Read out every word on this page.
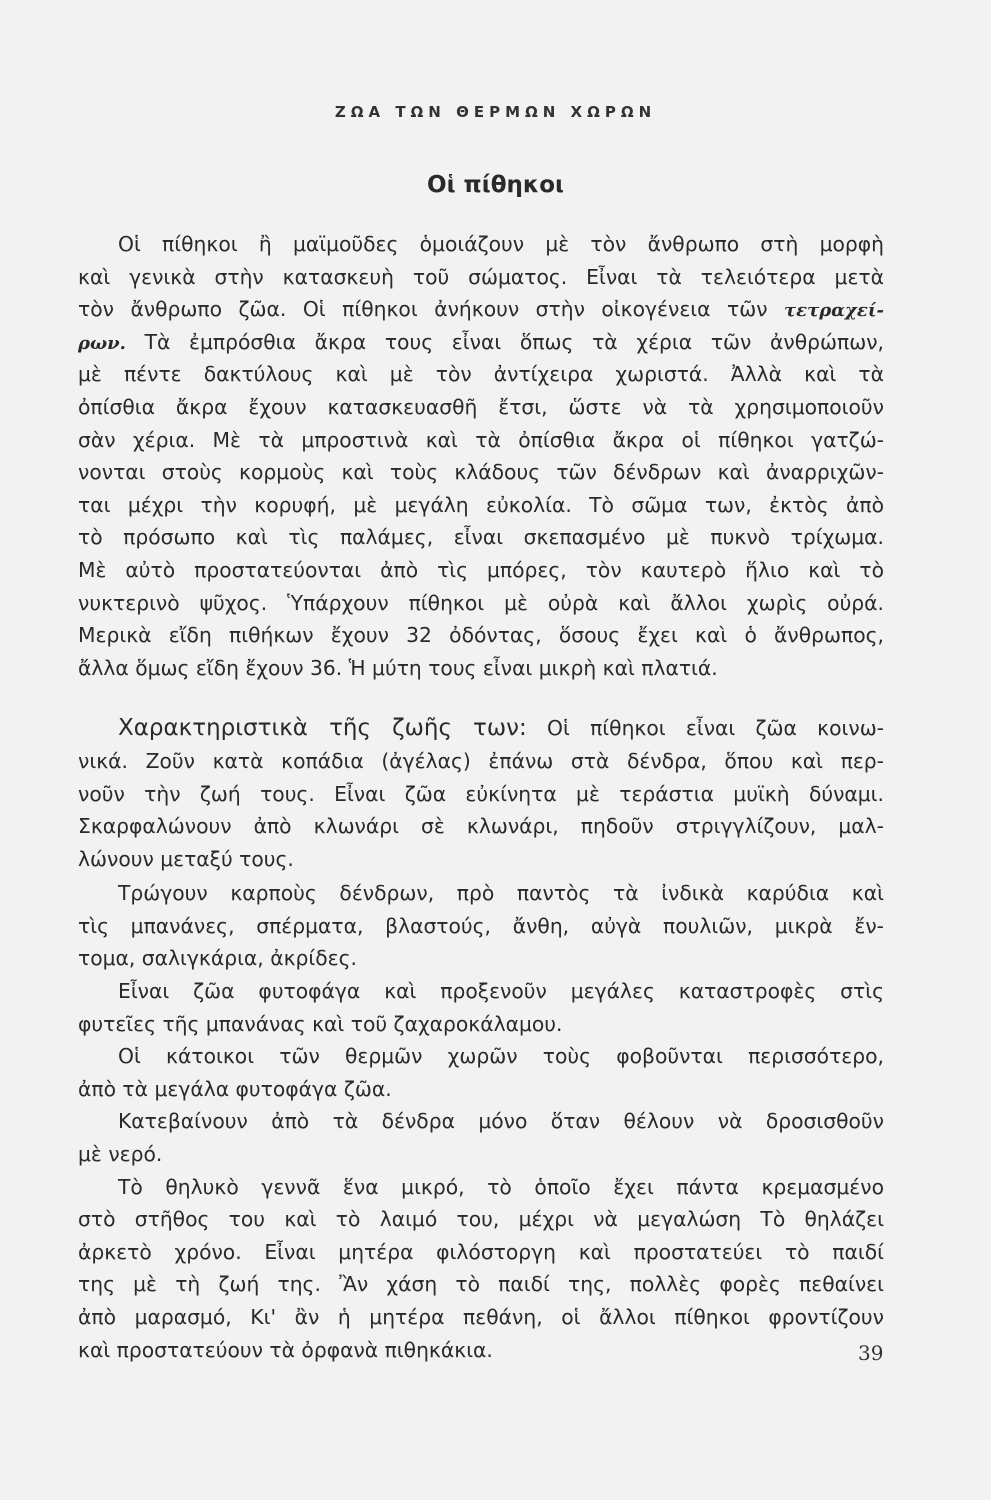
ΖΩΑ ΤΩΝ ΘΕΡΜΩΝ ΧΩΡΩΝ
Οἱ πίθηκοι
Οἱ πίθηκοι ἢ μαϊμοῦδες ὁμοιάζουν μὲ τὸν ἄνθρωπο στὴ μορφὴ
καὶ γενικὰ στὴν κατασκευὴ τοῦ σώματος. Εἶναι τὰ τελειότερα μετὰ
τὸν ἄνθρωπο ζῶα. Οἱ πίθηκοι ἀνήκουν στὴν οἰκογένεια τῶν τετραχεί-
ρων. Τὰ ἐμπρόσθια ἄκρα τους εἶναι ὅπως τὰ χέρια τῶν ἀνθρώπων,
μὲ πέντε δακτύλους καὶ μὲ τὸν ἀντίχειρα χωριστά. Ἀλλὰ καὶ τὰ
ὀπίσθια ἄκρα ἔχουν κατασκευασθῆ ἔτσι, ὥστε νὰ τὰ χρησιμοποιοῦν
σὰν χέρια. Μὲ τὰ μπροστινὰ καὶ τὰ ὀπίσθια ἄκρα οἱ πίθηκοι γατζώ-
νονται στοὺς κορμοὺς καὶ τοὺς κλάδους τῶν δένδρων καὶ ἀναρριχῶν-
ται μέχρι τὴν κορυφή, μὲ μεγάλη εὐκολία. Τὸ σῶμα των, ἐκτὸς ἀπὸ
τὸ πρόσωπο καὶ τὶς παλάμες, εἶναι σκεπασμένο μὲ πυκνὸ τρίχωμα.
Μὲ αὐτὸ προστατεύονται ἀπὸ τὶς μπόρες, τὸν καυτερὸ ἥλιο καὶ τὸ
νυκτερινὸ ψῦχος. Ὑπάρχουν πίθηκοι μὲ οὐρὰ καὶ ἄλλοι χωρὶς οὐρά.
Μερικὰ εἴδη πιθήκων ἔχουν 32 ὀδόντας, ὅσους ἔχει καὶ ὁ ἄνθρωπος,
ἄλλα ὅμως εἴδη ἔχουν 36. Ἡ μύτη τους εἶναι μικρὴ καὶ πλατιά.
Χαρακτηριστικὰ τῆς ζωῆς των: Οἱ πίθηκοι εἶναι ζῶα κοινω-
νικά. Ζοῦν κατὰ κοπάδια (ἀγέλας) ἐπάνω στὰ δένδρα, ὅπου καὶ περ-
νοῦν τὴν ζωή τους. Εἶναι ζῶα εὐκίνητα μὲ τεράστια μυϊκὴ δύναμι.
Σκαρφαλώνουν ἀπὸ κλωνάρι σὲ κλωνάρι, πηδοῦν στριγγλίζουν, μαλ-
λώνουν μεταξύ τους.
Τρώγουν καρποὺς δένδρων, πρὸ παντὸς τὰ ἰνδικὰ καρύδια καὶ
τὶς μπανάνες, σπέρματα, βλαστούς, ἄνθη, αὐγὰ πουλιῶν, μικρὰ ἔν-
τομα, σαλιγκάρια, ἀκρίδες.
Εἶναι ζῶα φυτοφάγα καὶ προξενοῦν μεγάλες καταστροφὲς στὶς
φυτεῖες τῆς μπανάνας καὶ τοῦ ζαχαροκάλαμου.
Οἱ κάτοικοι τῶν θερμῶν χωρῶν τοὺς φοβοῦνται περισσότερο,
ἀπὸ τὰ μεγάλα φυτοφάγα ζῶα.
Κατεβαίνουν ἀπὸ τὰ δένδρα μόνο ὅταν θέλουν νὰ δροσισθοῦν
μὲ νερό.
Τὸ θηλυκὸ γεννᾶ ἕνα μικρό, τὸ ὁποῖο ἔχει πάντα κρεμασμένο
στὸ στῆθος του καὶ τὸ λαιμό του, μέχρι νὰ μεγαλώση Τὸ θηλάζει
ἀρκετὸ χρόνο. Εἶναι μητέρα φιλόστοργη καὶ προστατεύει τὸ παιδί
της μὲ τὴ ζωή της. Ἂν χάση τὸ παιδί της, πολλὲς φορὲς πεθαίνει
ἀπὸ μαρασμό, Κι' ἂν ἡ μητέρα πεθάνη, οἱ ἄλλοι πίθηκοι φροντίζουν
καὶ προστατεύουν τὰ ὀρφανὰ πιθηκάκια.	39
